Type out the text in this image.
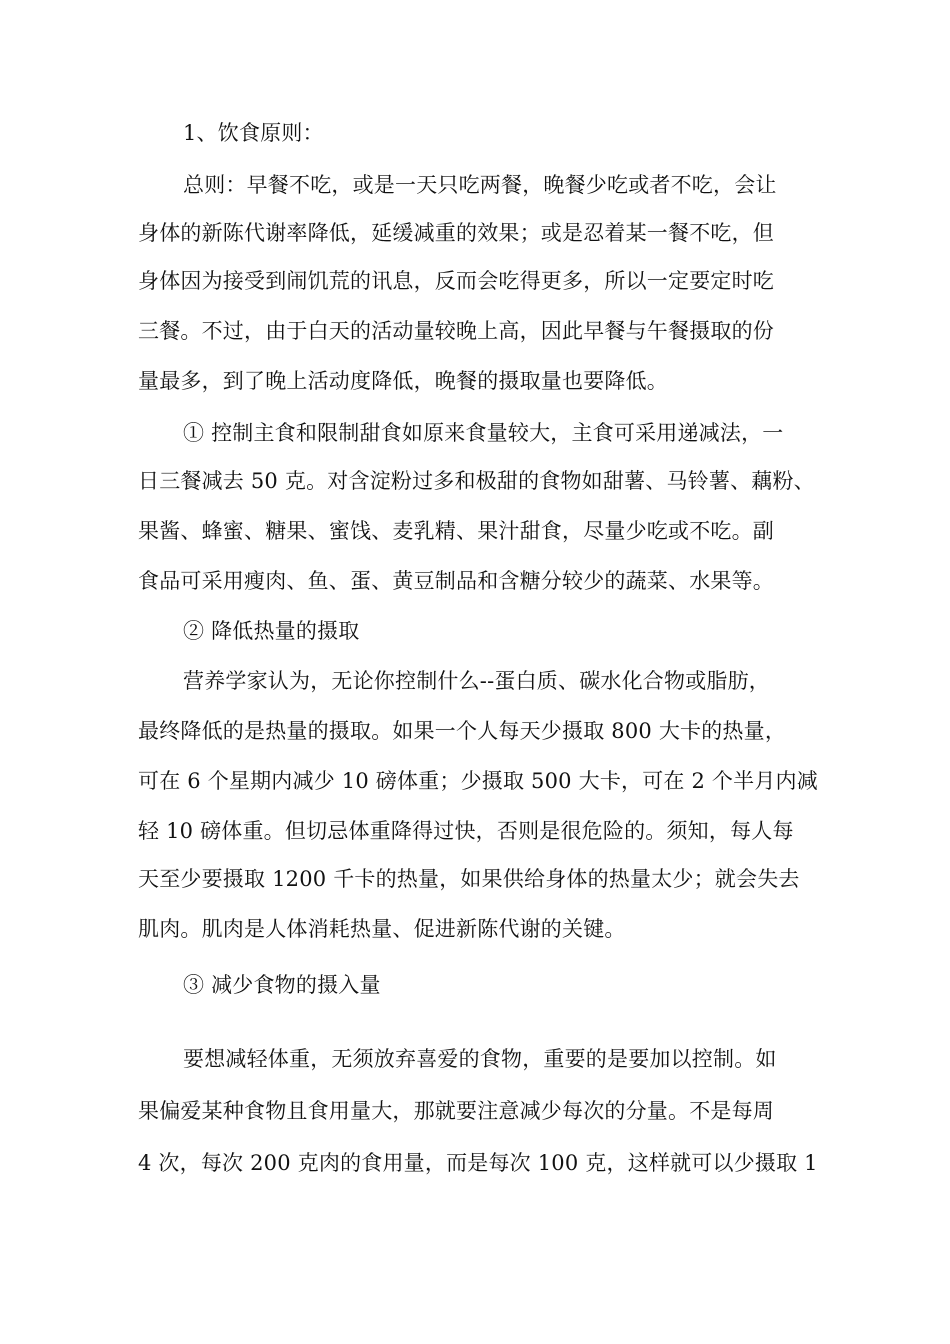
1、饮食原则：
总则：早餐不吃，或是一天只吃两餐，晚餐少吃或者不吃，会让
身体的新陈代谢率降低，延缓减重的效果；或是忍着某一餐不吃，但
身体因为接受到闹饥荒的讯息，反而会吃得更多，所以一定要定时吃
三餐。不过，由于白天的活动量较晚上高，因此早餐与午餐摄取的份
量最多，到了晚上活动度降低，晚餐的摄取量也要降低。
① 控制主食和限制甜食如原来食量较大，主食可采用递减法，一
日三餐减去 50 克。对含淀粉过多和极甜的食物如甜薯、马铃薯、藕粉、
果酱、蜂蜜、糖果、蜜饯、麦乳精、果汁甜食，尽量少吃或不吃。副
食品可采用瘦肉、鱼、蛋、黄豆制品和含糖分较少的蔬菜、水果等。
② 降低热量的摄取
营养学家认为，无论你控制什么--蛋白质、碳水化合物或脂肪，
最终降低的是热量的摄取。如果一个人每天少摄取 800 大卡的热量，
可在 6 个星期内减少 10 磅体重；少摄取 500 大卡，可在 2 个半月内减
轻 10 磅体重。但切忌体重降得过快，否则是很危险的。须知，每人每
天至少要摄取 1200 千卡的热量，如果供给身体的热量太少；就会失去
肌肉。肌肉是人体消耗热量、促进新陈代谢的关键。
③ 减少食物的摄入量
要想减轻体重，无须放弃喜爱的食物，重要的是要加以控制。如
果偏爱某种食物且食用量大，那就要注意减少每次的分量。不是每周
4 次，每次 200 克肉的食用量，而是每次 100 克，这样就可以少摄取 1
